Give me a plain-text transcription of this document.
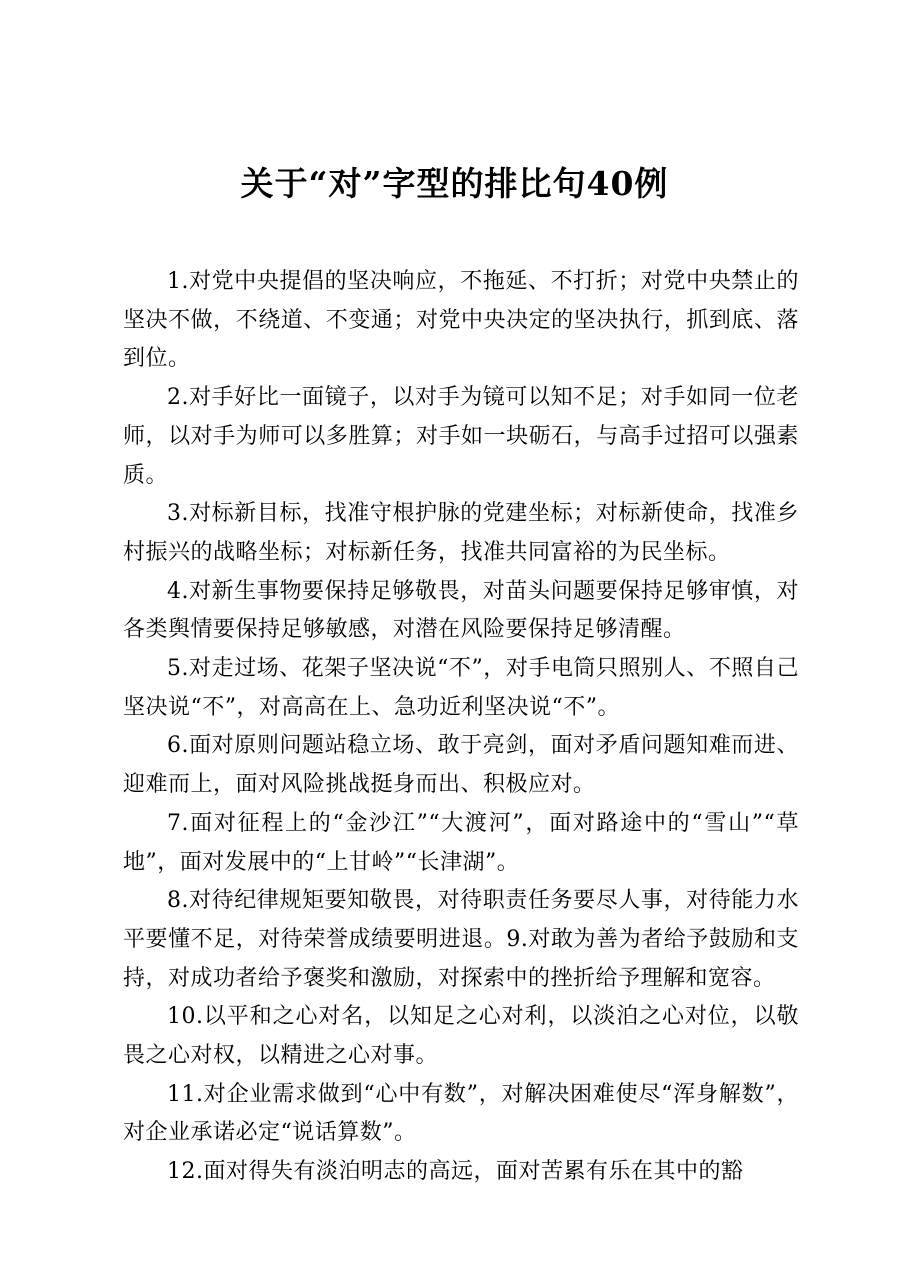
关于“对”字型的排比句40例

1.对党中央提倡的坚决响应，不拖延、不打折；对党中央禁止的坚决不做，不绕道、不变通；对党中央决定的坚决执行，抓到底、落到位。

2.对手好比一面镜子，以对手为镜可以知不足；对手如同一位老师，以对手为师可以多胜算；对手如一块砺石，与高手过招可以强素质。

3.对标新目标，找准守根护脉的党建坐标；对标新使命，找准乡村振兴的战略坐标；对标新任务，找准共同富裕的为民坐标。

4.对新生事物要保持足够敬畏，对苗头问题要保持足够审慎，对各类舆情要保持足够敏感，对潜在风险要保持足够清醒。

5.对走过场、花架子坚决说“不”，对手电筒只照别人、不照自己坚决说“不”，对高高在上、急功近利坚决说“不”。

6.面对原则问题站稳立场、敢于亮剑，面对矛盾问题知难而进、迎难而上，面对风险挑战挺身而出、积极应对。

7.面对征程上的“金沙江”“大渡河”，面对路途中的“雪山”“草地”，面对发展中的“上甘岭”“长津湖”。

8.对待纪律规矩要知敬畏，对待职责任务要尽人事，对待能力水平要懂不足，对待荣誉成绩要明进退。9.对敢为善为者给予鼓励和支持，对成功者给予褒奖和激励，对探索中的挫折给予理解和宽容。

10.以平和之心对名，以知足之心对利，以淡泊之心对位，以敬畏之心对权，以精进之心对事。

11.对企业需求做到“心中有数”，对解决困难使尽“浑身解数”，对企业承诺必定“说话算数”。

12.面对得失有淡泊明志的高远，面对苦累有乐在其中的豁
